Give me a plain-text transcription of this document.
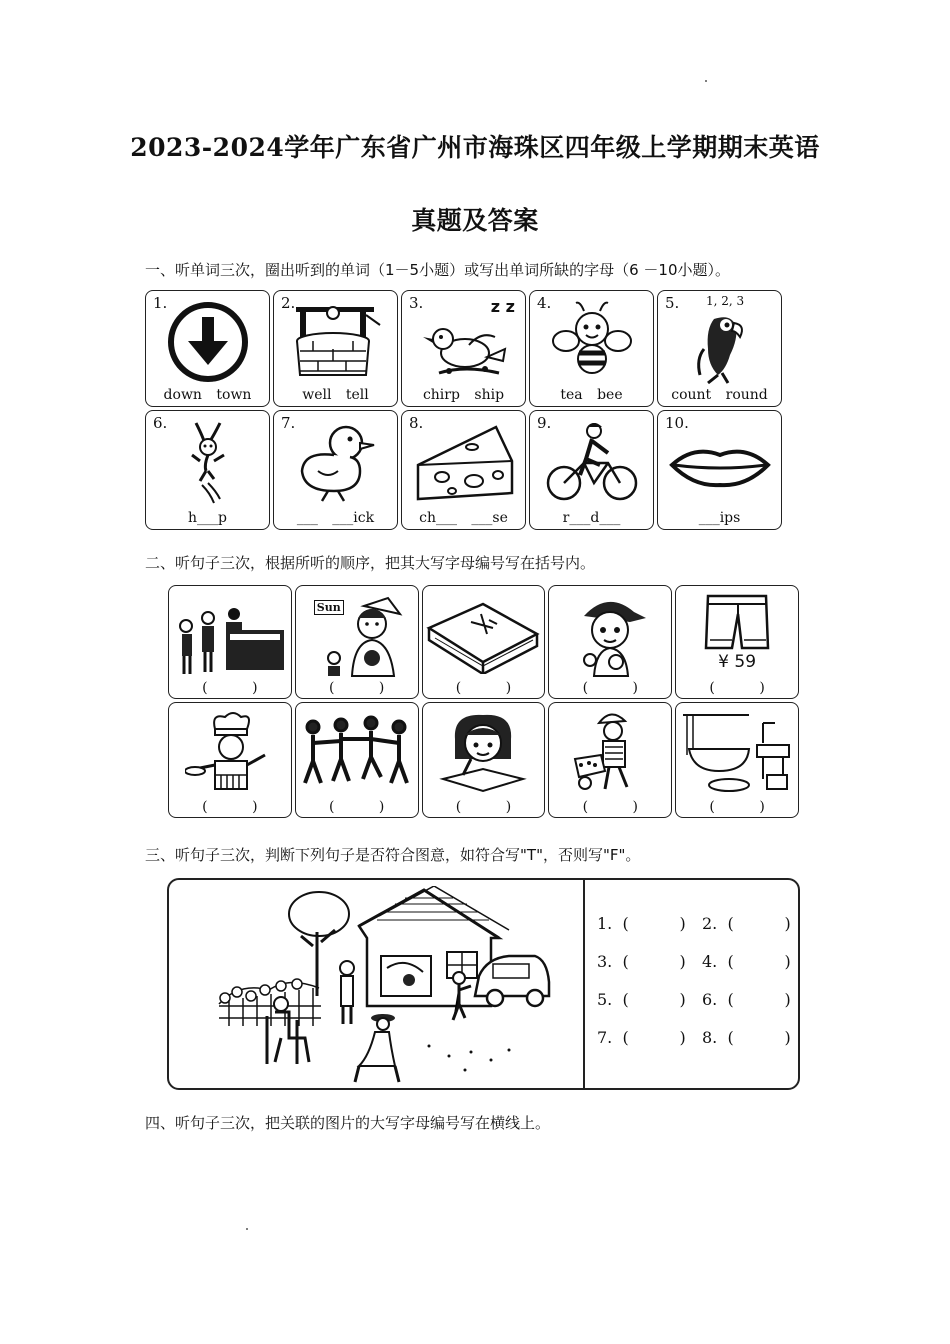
2023-2024学年广东省广州市海珠区四年级上学期期末英语
真题及答案
一、听单词三次，圈出听到的单词（1－5小题）或写出单词所缺的字母（6 －10小题）。
1.
down town
2.
well tell
3.	z z
chirp ship
4.
tea bee
5. 1, 2, 3
count round
6.
h___p
7.
___ ___ick
8.
ch___ ___se
9.
r___d___
10.
___ips
二、听句子三次，根据所听的顺序，把其大写字母编号写在括号内。
(          )
Sun
(          )	(          )	(          )
¥ 59
(          )
(          )	(          )	(          )	(          )	(          )
三、听句子三次，判断下列句子是否符合图意，如符合写"T"，否则写"F"。
1.  (          ) 2.  (          )
3.  (          ) 4.  (          )
5.  (          ) 6.  (          )
7.  (          ) 8.  (          )
四、听句子三次，把关联的图片的大写字母编号写在横线上。
